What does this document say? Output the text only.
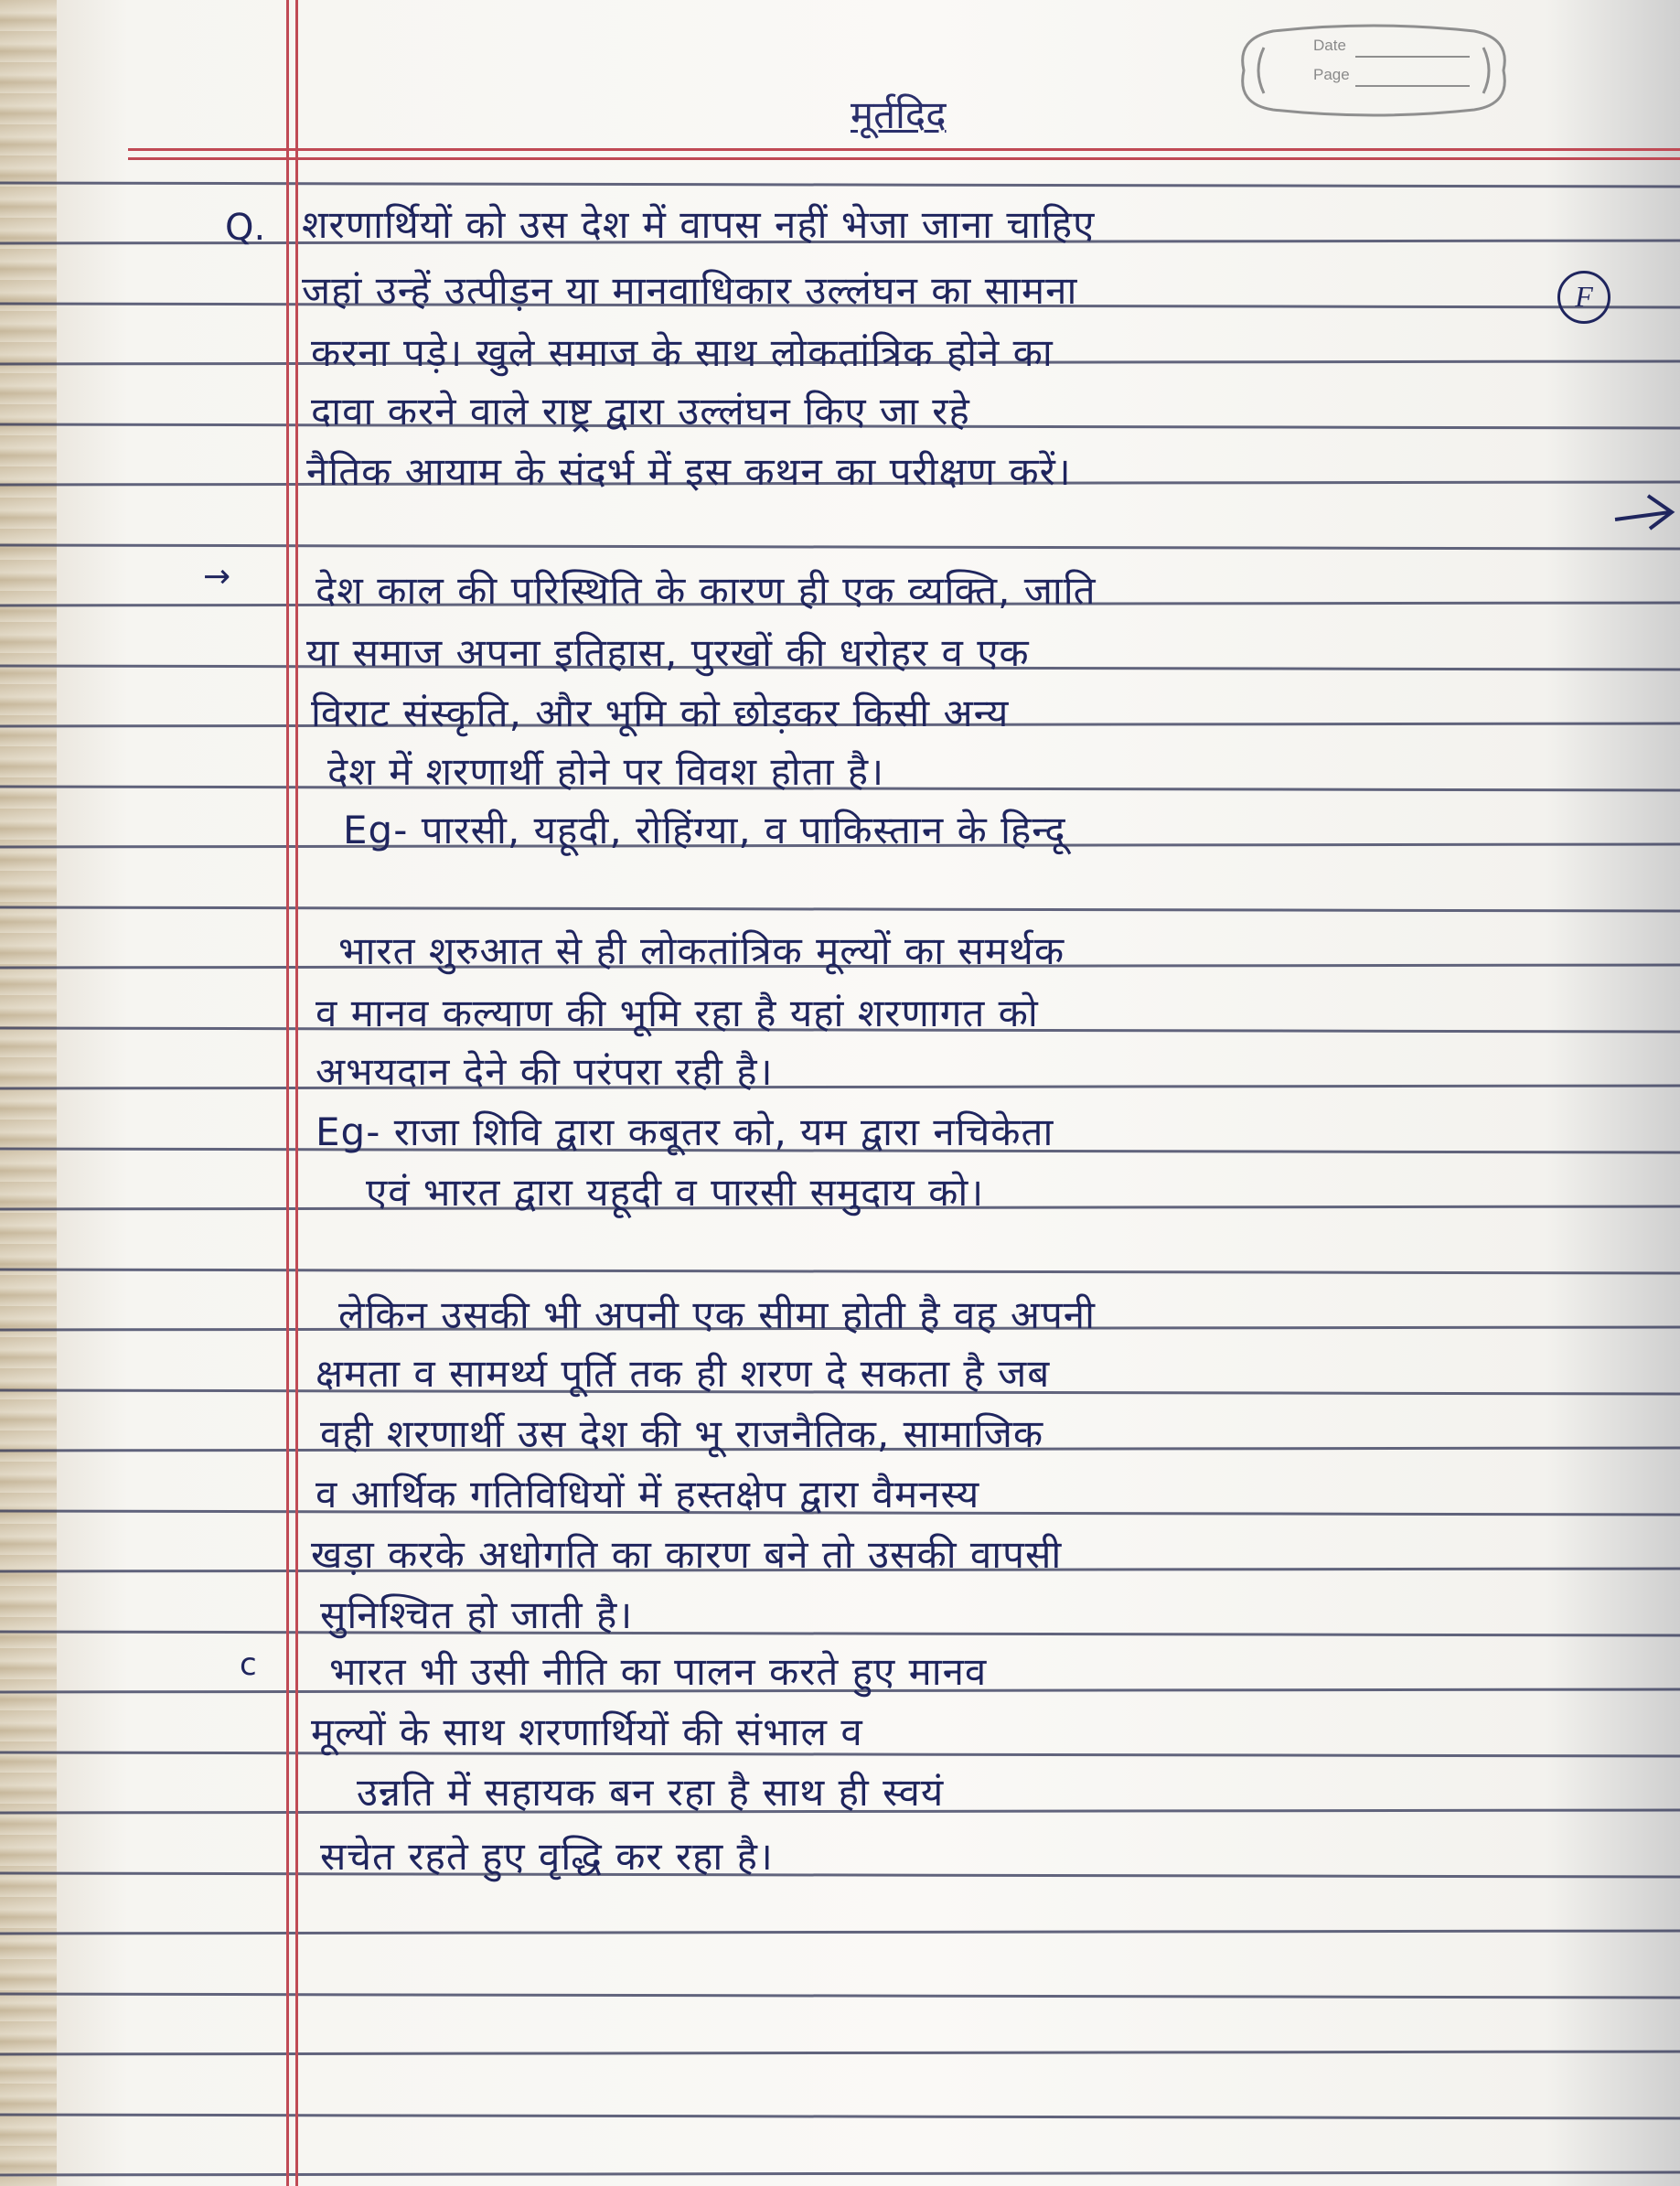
Date
Page
मूर्तदिद
Q.
F
→
c
शरणार्थियों को उस देश में वापस नहीं भेजा जाना चाहिए
जहां उन्हें उत्पीड़न या मानवाधिकार उल्लंघन का सामना
करना पड़े। खुले समाज के साथ लोकतांत्रिक होने का
दावा करने वाले राष्ट्र द्वारा उल्लंघन किए जा रहे
नैतिक आयाम के संदर्भ में इस कथन का परीक्षण करें।
देश काल की परिस्थिति के कारण ही एक व्यक्ति, जाति
या समाज अपना इतिहास, पुरखों की धरोहर व एक
विराट संस्कृति, और भूमि को छोड़कर किसी अन्य
देश में शरणार्थी होने पर विवश होता है।
Eg- पारसी, यहूदी, रोहिंग्या, व पाकिस्तान के हिन्दू
भारत शुरुआत से ही लोकतांत्रिक मूल्यों का समर्थक
व मानव कल्याण की भूमि रहा है यहां शरणागत को
अभयदान देने की परंपरा रही है।
Eg- राजा शिवि द्वारा कबूतर को, यम द्वारा नचिकेता
एवं भारत द्वारा यहूदी व पारसी समुदाय को।
लेकिन उसकी भी अपनी एक सीमा होती है वह अपनी
क्षमता व सामर्थ्य पूर्ति तक ही शरण दे सकता है जब
वही शरणार्थी उस देश की भू राजनैतिक, सामाजिक
व आर्थिक गतिविधियों में हस्तक्षेप द्वारा वैमनस्य
खड़ा करके अधोगति का कारण बने तो उसकी वापसी
सुनिश्चित हो जाती है।
भारत भी उसी नीति का पालन करते हुए मानव
मूल्यों के साथ शरणार्थियों की संभाल व
उन्नति में सहायक बन रहा है साथ ही स्वयं
सचेत रहते हुए वृद्धि कर रहा है।
